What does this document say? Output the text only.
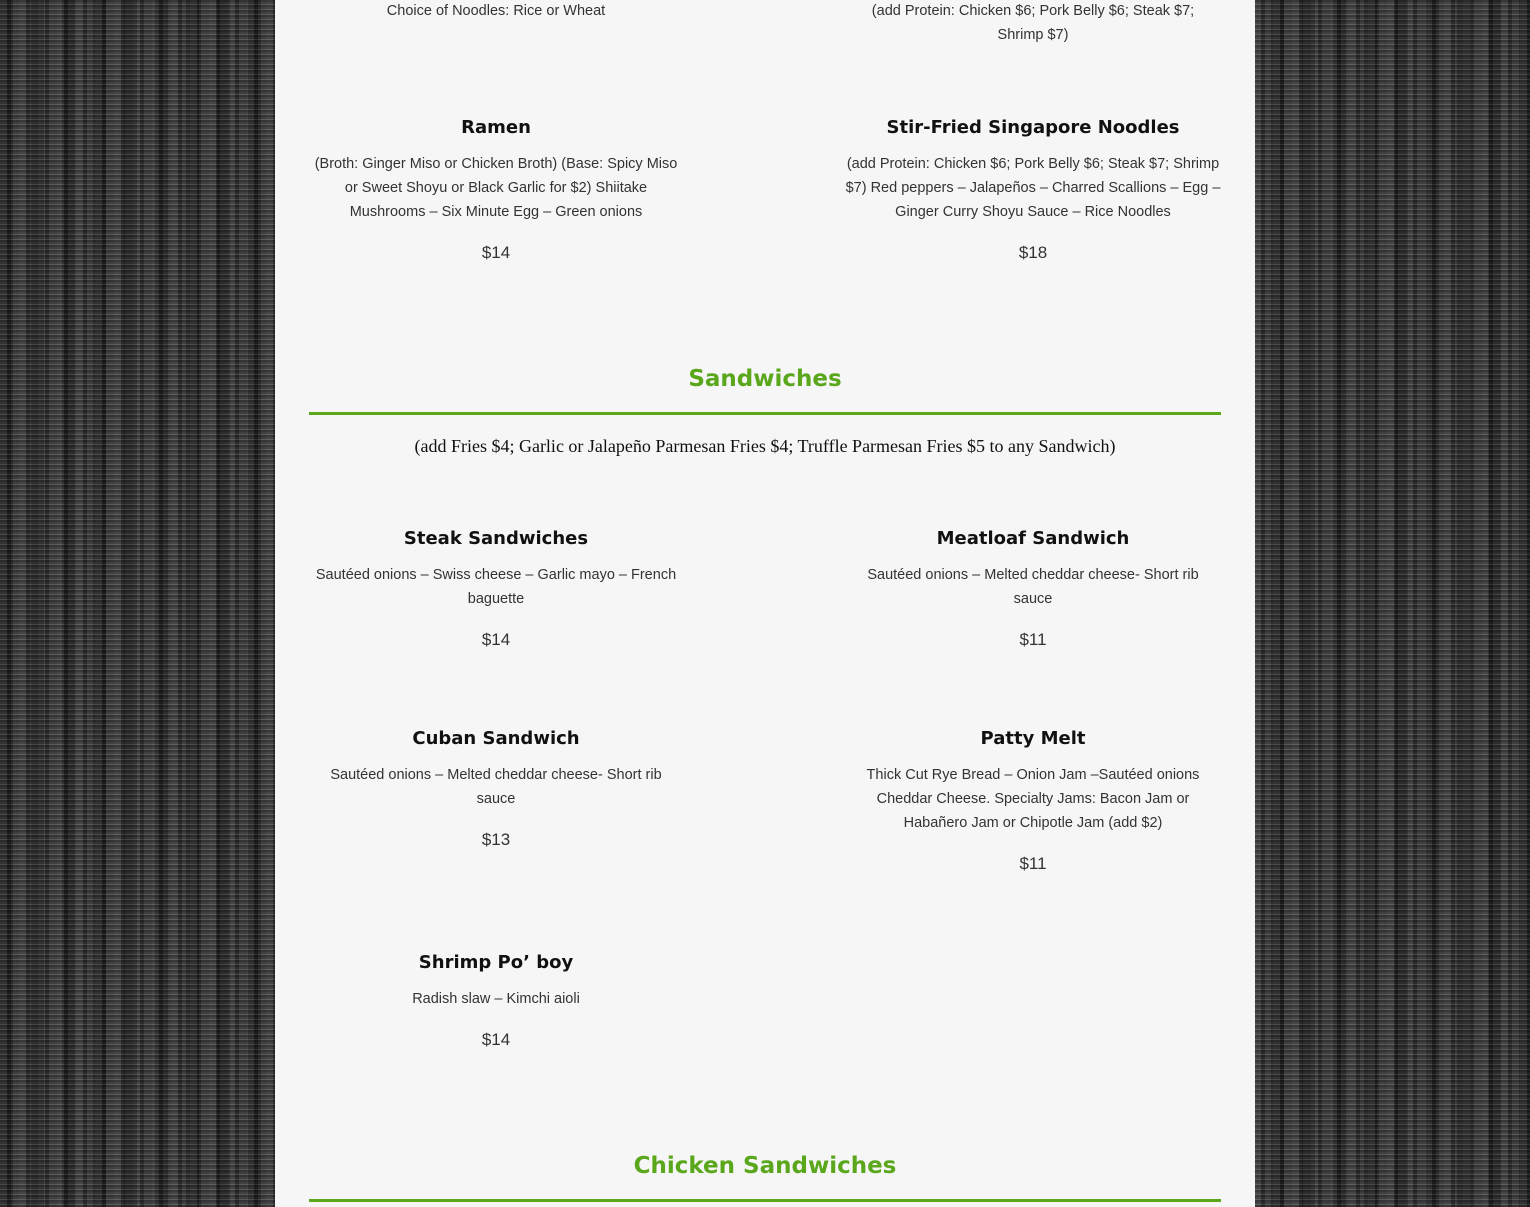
Choice of Noodles: Rice or Wheat	(add Protein: Chicken $6; Pork Belly $6; Steak $7; Shrimp $7)
Ramen
(Broth: Ginger Miso or Chicken Broth) (Base: Spicy Miso or Sweet Shoyu or Black Garlic for $2) Shiitake Mushrooms – Six Minute Egg – Green onions
$14
Stir-Fried Singapore Noodles
(add Protein: Chicken $6; Pork Belly $6; Steak $7; Shrimp $7) Red peppers – Jalapeños – Charred Scallions – Egg – Ginger Curry Shoyu Sauce – Rice Noodles
$18
Sandwiches
(add Fries $4; Garlic or Jalapeño Parmesan Fries $4; Truffle Parmesan Fries $5 to any Sandwich)
Steak Sandwiches
Sautéed onions – Swiss cheese – Garlic mayo – French baguette
$14
Meatloaf Sandwich
Sautéed onions – Melted cheddar cheese- Short rib sauce
$11
Cuban Sandwich
Sautéed onions – Melted cheddar cheese- Short rib sauce
$13
Patty Melt
Thick Cut Rye Bread – Onion Jam –Sautéed onions Cheddar Cheese. Specialty Jams: Bacon Jam or Habañero Jam or Chipotle Jam (add $2)
$11
Shrimp Po’ boy
Radish slaw – Kimchi aioli
$14
Chicken Sandwiches
